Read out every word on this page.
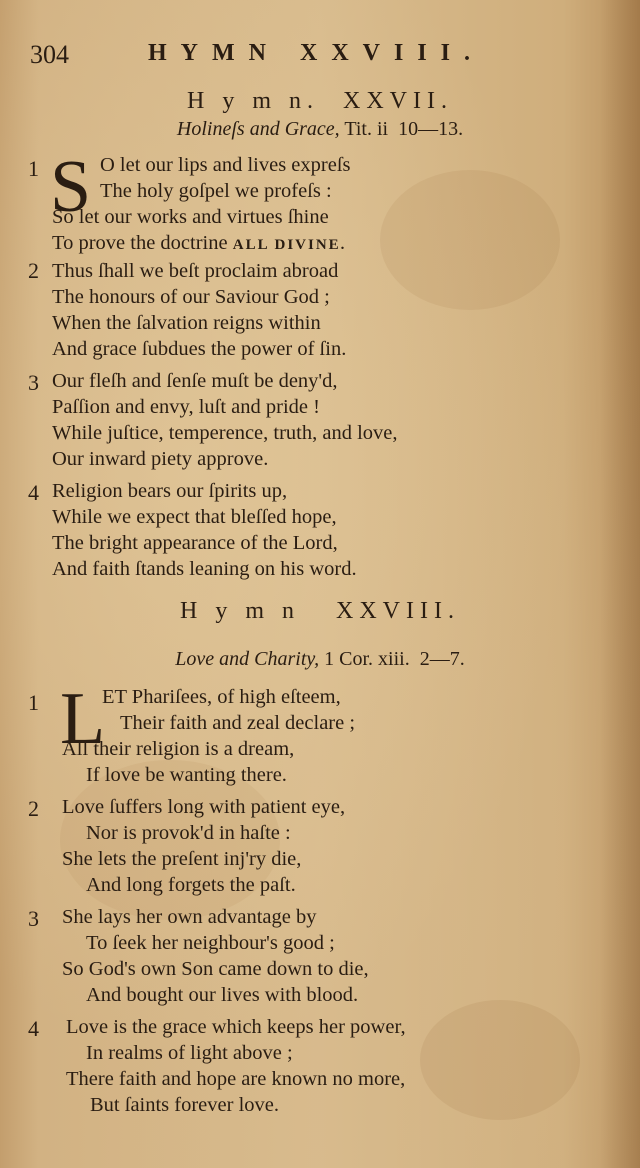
304	HYMN XXVIII.
H y m n.  XXVII.
Holineſs and Grace, Tit. ii  10—13.
1 S O let our lips and lives expreſs
The holy goſpel we profeſs :
So let our works and virtues ſhine
To prove the doctrine ALL DIVINE.
2 Thus ſhall we beſt proclaim abroad
The honours of our Saviour God ;
When the ſalvation reigns within
And grace ſubdues the power of ſin.
3 Our fleſh and ſenſe muſt be deny'd,
Paſſion and envy, luſt and pride !
While juſtice, temperence, truth, and love,
Our inward piety approve.
4 Religion bears our ſpirits up,
While we expect that bleſſed hope,
The bright appearance of the Lord,
And faith ſtands leaning on his word.
H y m n   XXVIII.
Love and Charity, 1 Cor. xiii.  2—7.
1 L
ET Phariſees, of high eſteem,
Their faith and zeal declare ;
All their religion is a dream,
If love be wanting there.
2 Love ſuffers long with patient eye,
Nor is provok'd in haſte :
She lets the preſent inj'ry die,
And long forgets the paſt.
3 She lays her own advantage by
To ſeek her neighbour's good ;
So God's own Son came down to die,
And bought our lives with blood.
4 Love is the grace which keeps her power,
In realms of light above ;
There faith and hope are known no more,
But ſaints forever love.
